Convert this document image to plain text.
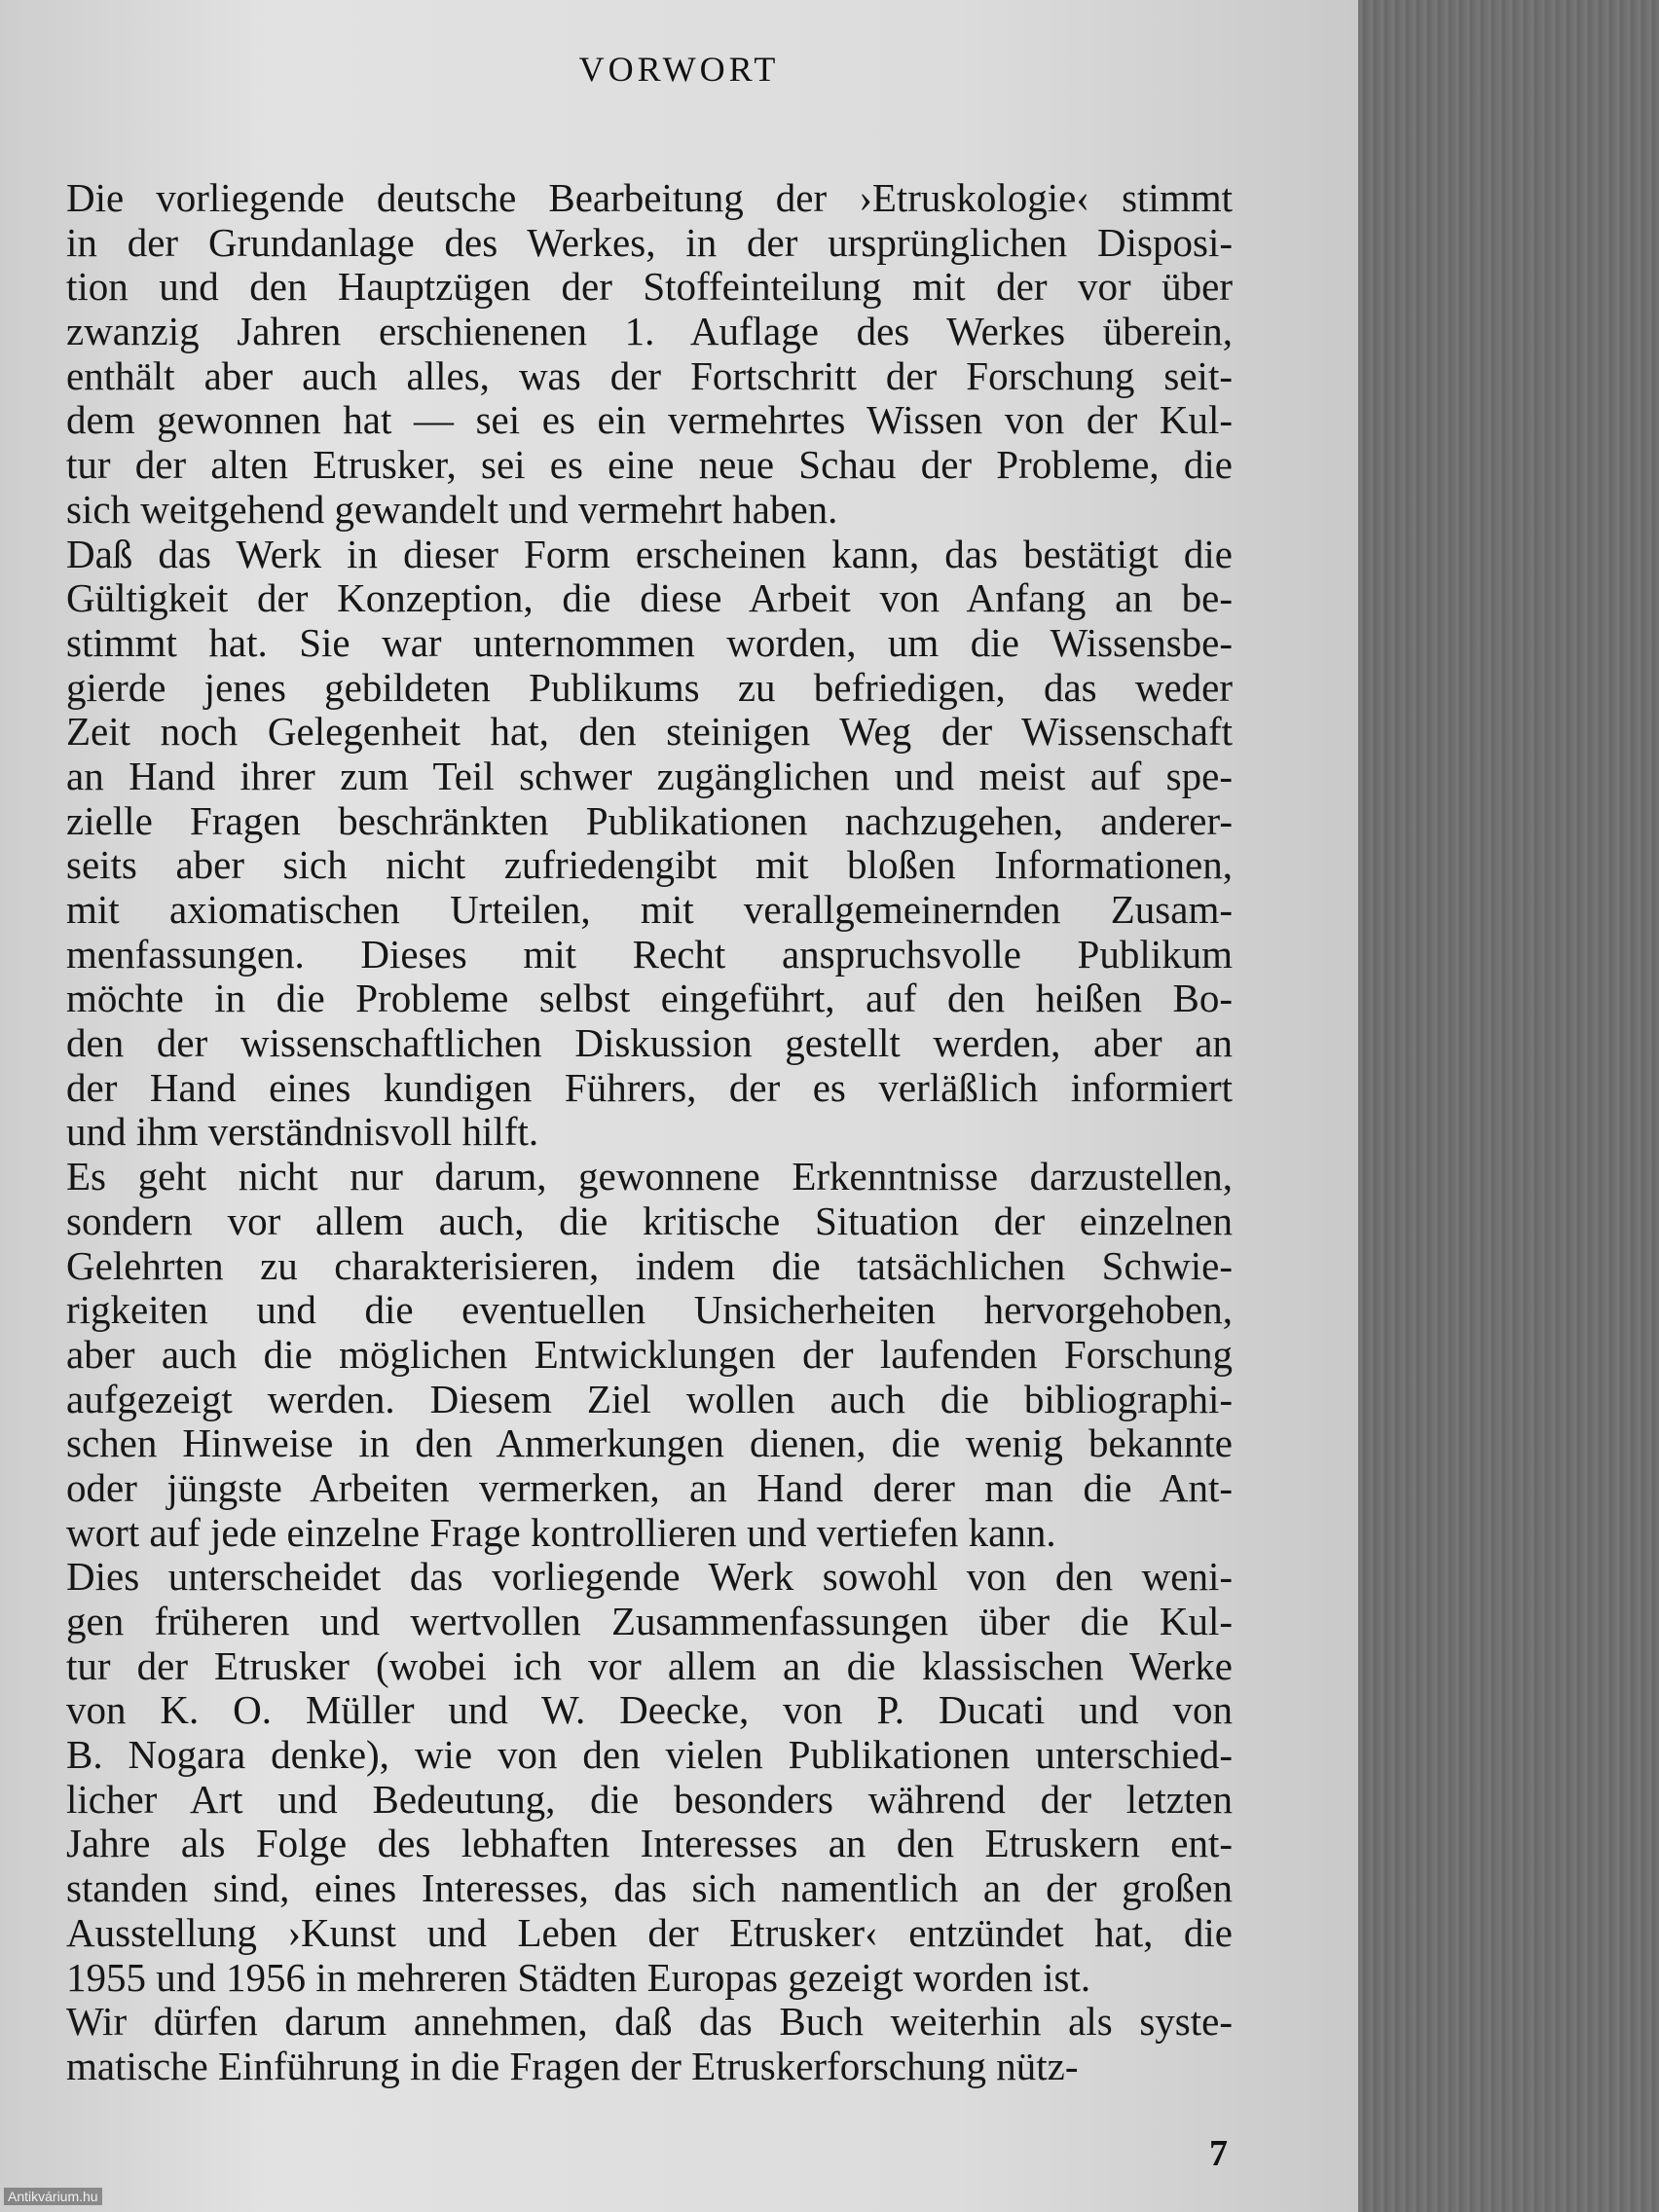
VORWORT
Die vorliegende deutsche Bearbeitung der ›Etruskologie‹ stimmt
in der Grundanlage des Werkes, in der ursprünglichen Disposi-
tion und den Hauptzügen der Stoffeinteilung mit der vor über
zwanzig Jahren erschienenen 1. Auflage des Werkes überein,
enthält aber auch alles, was der Fortschritt der Forschung seit-
dem gewonnen hat — sei es ein vermehrtes Wissen von der Kul-
tur der alten Etrusker, sei es eine neue Schau der Probleme, die
sich weitgehend gewandelt und vermehrt haben.
Daß das Werk in dieser Form erscheinen kann, das bestätigt die
Gültigkeit der Konzeption, die diese Arbeit von Anfang an be-
stimmt hat. Sie war unternommen worden, um die Wissensbe-
gierde jenes gebildeten Publikums zu befriedigen, das weder
Zeit noch Gelegenheit hat, den steinigen Weg der Wissenschaft
an Hand ihrer zum Teil schwer zugänglichen und meist auf spe-
zielle Fragen beschränkten Publikationen nachzugehen, anderer-
seits aber sich nicht zufriedengibt mit bloßen Informationen,
mit axiomatischen Urteilen, mit verallgemeinernden Zusam-
menfassungen. Dieses mit Recht anspruchsvolle Publikum
möchte in die Probleme selbst eingeführt, auf den heißen Bo-
den der wissenschaftlichen Diskussion gestellt werden, aber an
der Hand eines kundigen Führers, der es verläßlich informiert
und ihm verständnisvoll hilft.
Es geht nicht nur darum, gewonnene Erkenntnisse darzustellen,
sondern vor allem auch, die kritische Situation der einzelnen
Gelehrten zu charakterisieren, indem die tatsächlichen Schwie-
rigkeiten und die eventuellen Unsicherheiten hervorgehoben,
aber auch die möglichen Entwicklungen der laufenden Forschung
aufgezeigt werden. Diesem Ziel wollen auch die bibliographi-
schen Hinweise in den Anmerkungen dienen, die wenig bekannte
oder jüngste Arbeiten vermerken, an Hand derer man die Ant-
wort auf jede einzelne Frage kontrollieren und vertiefen kann.
Dies unterscheidet das vorliegende Werk sowohl von den weni-
gen früheren und wertvollen Zusammenfassungen über die Kul-
tur der Etrusker (wobei ich vor allem an die klassischen Werke
von K. O. Müller und W. Deecke, von P. Ducati und von
B. Nogara denke), wie von den vielen Publikationen unterschied-
licher Art und Bedeutung, die besonders während der letzten
Jahre als Folge des lebhaften Interesses an den Etruskern ent-
standen sind, eines Interesses, das sich namentlich an der großen
Ausstellung ›Kunst und Leben der Etrusker‹ entzündet hat, die
1955 und 1956 in mehreren Städten Europas gezeigt worden ist.
Wir dürfen darum annehmen, daß das Buch weiterhin als syste-
matische Einführung in die Fragen der Etruskerforschung nütz-
7
Antikvárium.hu
